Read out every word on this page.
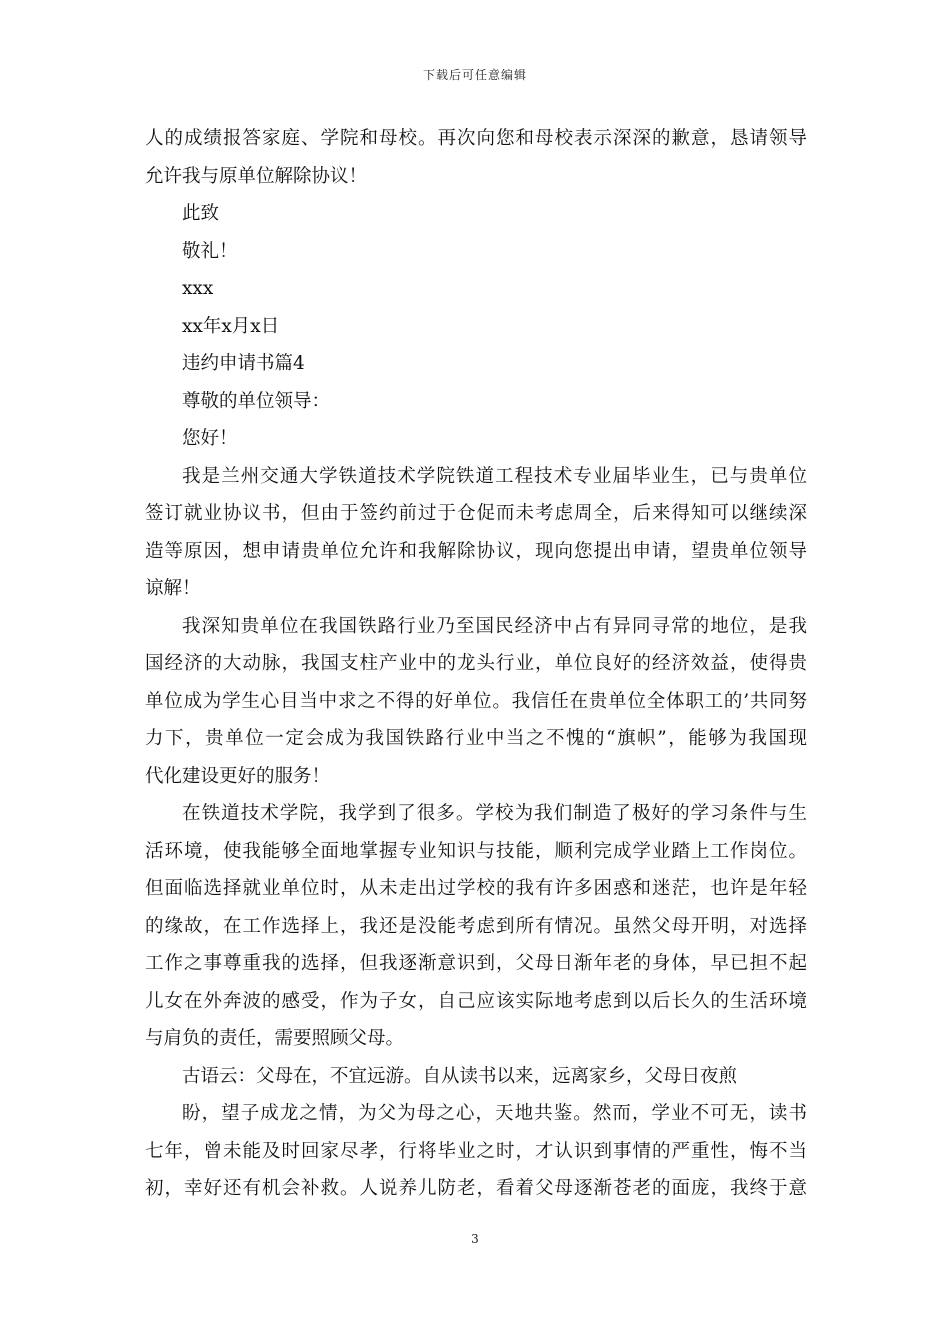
下载后可任意编辑
人的成绩报答家庭、学院和母校。再次向您和母校表示深深的歉意，恳请领导
允许我与原单位解除协议！
此致
敬礼！
xxx
xx年x月x日
违约申请书篇4
尊敬的单位领导：
您好！
我是兰州交通大学铁道技术学院铁道工程技术专业届毕业生，已与贵单位
签订就业协议书，但由于签约前过于仓促而未考虑周全，后来得知可以继续深
造等原因，想申请贵单位允许和我解除协议，现向您提出申请，望贵单位领导
谅解！
我深知贵单位在我国铁路行业乃至国民经济中占有异同寻常的地位，是我
国经济的大动脉，我国支柱产业中的龙头行业，单位良好的经济效益，使得贵
单位成为学生心目当中求之不得的好单位。我信任在贵单位全体职工的’共同努
力下，贵单位一定会成为我国铁路行业中当之不愧的“旗帜”，能够为我国现
代化建设更好的服务！
在铁道技术学院，我学到了很多。学校为我们制造了极好的学习条件与生
活环境，使我能够全面地掌握专业知识与技能，顺利完成学业踏上工作岗位。
但面临选择就业单位时，从未走出过学校的我有许多困惑和迷茫，也许是年轻
的缘故，在工作选择上，我还是没能考虑到所有情况。虽然父母开明，对选择
工作之事尊重我的选择，但我逐渐意识到，父母日渐年老的身体，早已担不起
儿女在外奔波的感受，作为子女，自己应该实际地考虑到以后长久的生活环境
与肩负的责任，需要照顾父母。
古语云：父母在，不宜远游。自从读书以来，远离家乡，父母日夜煎
盼，望子成龙之情，为父为母之心，天地共鉴。然而，学业不可无，读书
七年，曾未能及时回家尽孝，行将毕业之时，才认识到事情的严重性，悔不当
初，幸好还有机会补救。人说养儿防老，看着父母逐渐苍老的面庞，我终于意
3
